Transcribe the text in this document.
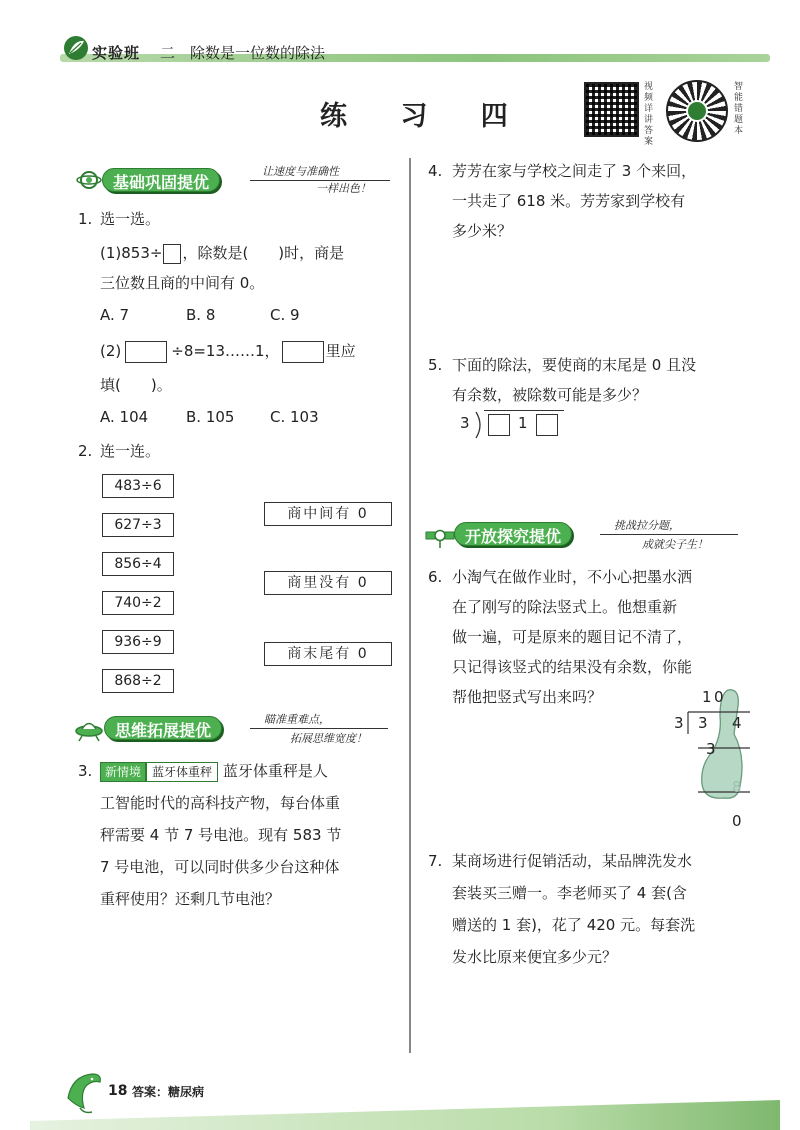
实验班 二 除数是一位数的除法
练 习 四
视频详讲答案
智能错题本
基础巩固提优
让速度与准确性
一样出色！
1. 选一选。
(1)853÷ ，除数是(　　)时，商是
三位数且商的中间有 0。
A. 7	B. 8	C. 9
(2)	÷8=13……1，	里应
填(　　)。
A. 104	B. 105 C. 103
2. 连一连。
483÷6
627÷3
856÷4
740÷2
936÷9
868÷2
商中间有 0
商里没有 0
商末尾有 0
思维拓展提优
瞄准重难点，
拓展思维宽度！
3.	新情境 蓝牙体重秤 蓝牙体重秤是人
工智能时代的高科技产物，每台体重
秤需要 4 节 7 号电池。现有 583 节
7 号电池，可以同时供多少台这种体
重秤使用？还剩几节电池？
4. 芳芳在家与学校之间走了 3 个来回，
一共走了 618 米。芳芳家到学校有
多少米？
5. 下面的除法，要使商的末尾是 0 且没
有余数，被除数可能是多少？
3	1
开放探究提优
挑战拉分题，
成就尖子生！
6. 小淘气在做作业时，不小心把墨水洒
在了刚写的除法竖式上。他想重新
做一遍，可是原来的题目记不清了，
只记得该竖式的结果没有余数，你能
帮他把竖式写出来吗？	1 0
3 3 4
3
8
0
7. 某商场进行促销活动，某品牌洗发水
套装买三赠一。李老师买了 4 套(含
赠送的 1 套)，花了 420 元。每套洗
发水比原来便宜多少元？
18 答案： 糖尿病
